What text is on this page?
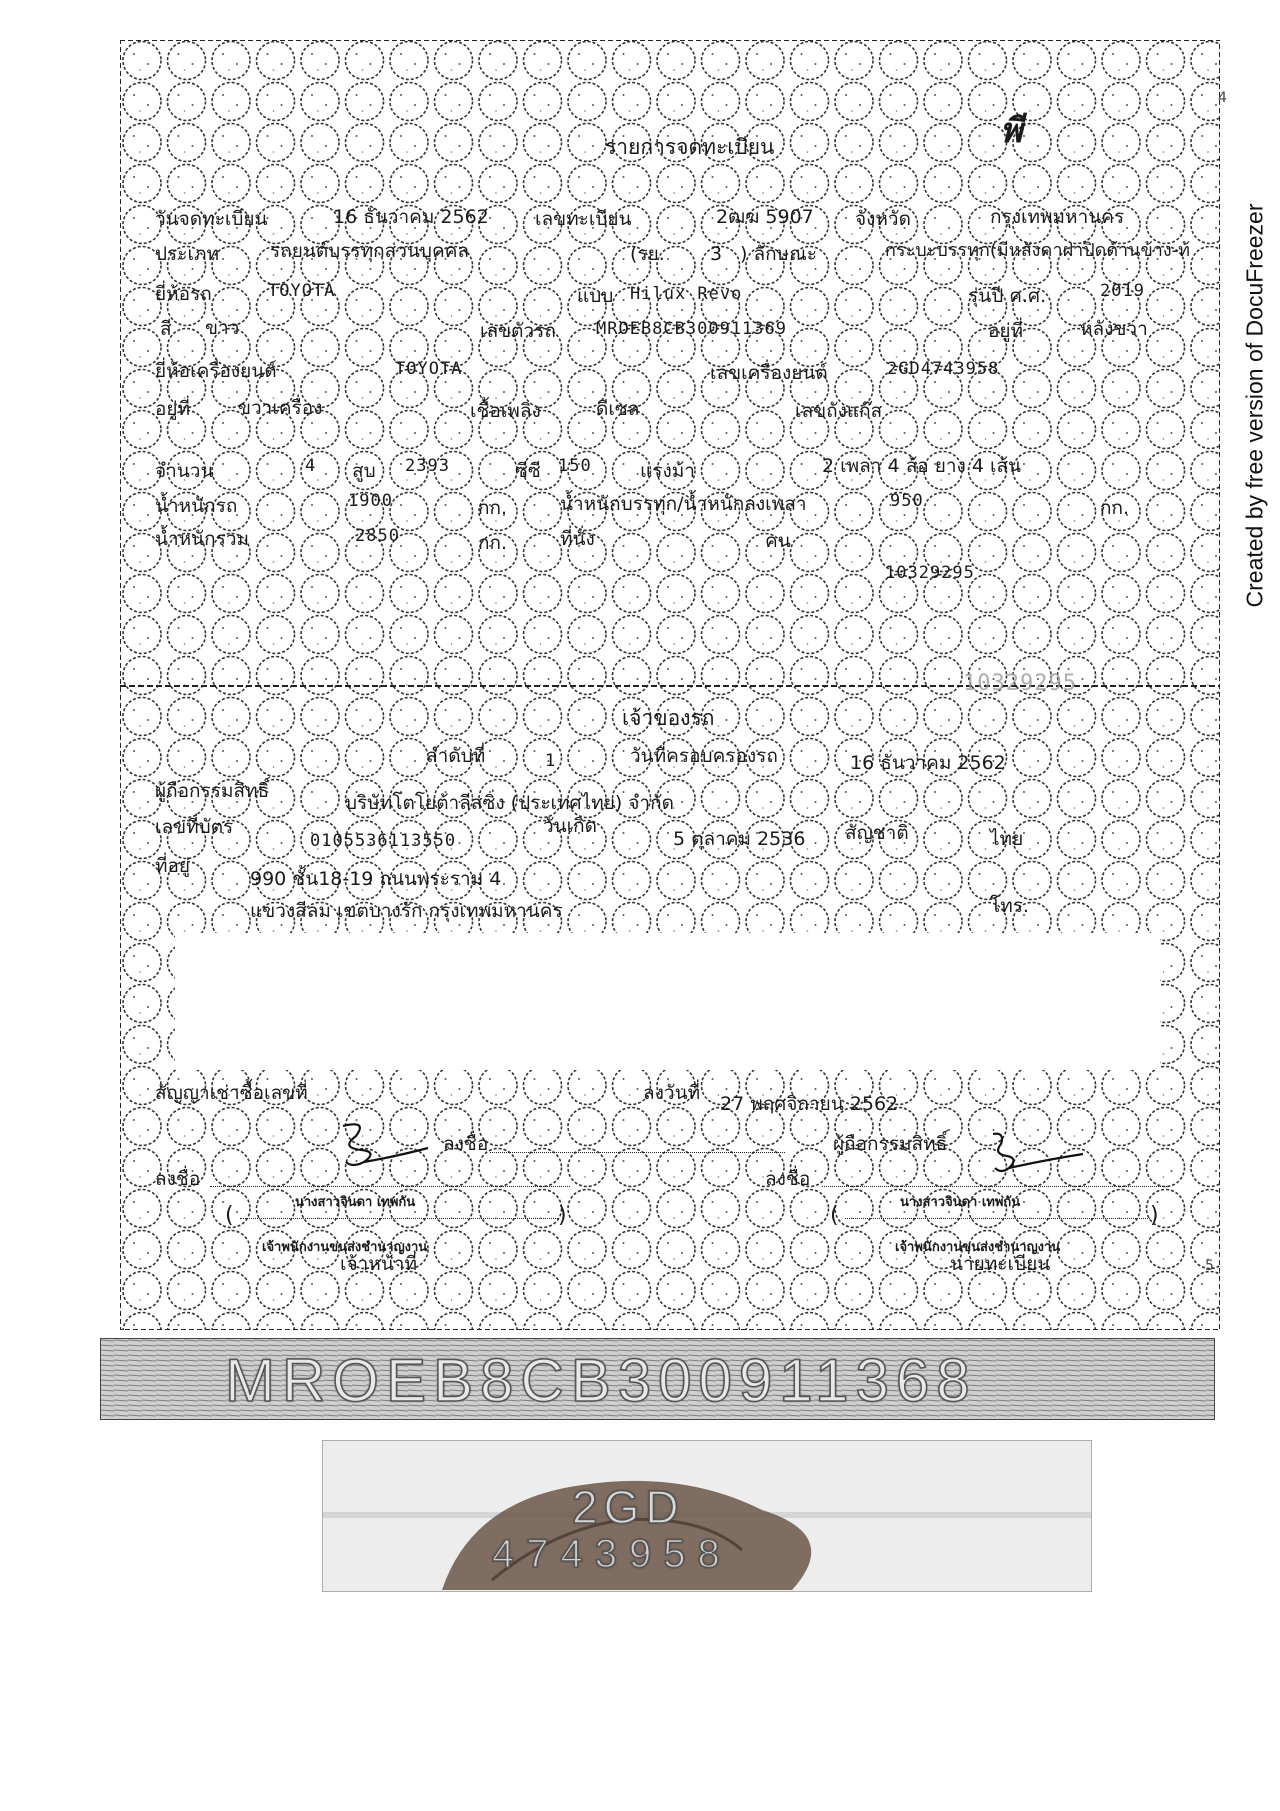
Created by free version of DocuFreezer
4
พี
รายการจดทะเบียน
วันจดทะเบียน	16 ธันวาคม 2562 เลขทะเบียน	2ฒฆ 5907 จังหวัด	กรุงเทพมหานคร
ประเภท	รถยนต์บรรทุกส่วนบุคคล	(รย. 3 ) ลักษณะ	กระบะบรรทุก(มีหลังคาฝาปิดด้านข้าง-ท้
ยี่ห้อรถ	TOYOTA	แบบ Hilux Revo	รุ่นปี ค.ศ.	2019
สี ขาว	เลขตัวรถ MROEB8CB300911369	อยู่ที่	หลังขวา
ยี่ห้อเครื่องยนต์	TOYOTA	เลขเครื่องยนต์	2GD4743958
อยู่ที่	ขวาเครื่อง	เชื้อเพลิง	ดีเซล	เลขถังแก๊ส
จำนวน	4 สูบ 2393	ซีซี 150	แรงม้า	2 เพลา 4 ล้อ ยาง 4 เส้น
น้ำหนักรถ	1900	กก.	น้ำหนักบรรทุก/น้ำหนักลงเพลา	950	กก.
น้ำหนักรวม	2850	กก.	ที่นั่ง	คน
10329295
10329295
เจ้าของรถ
ลำดับที่	1	วันที่ครอบครองรถ	16 ธันวาคม 2562
ผู้ถือกรรมสิทธิ์
บริษัทโตโยต้าลีสซิ่ง (ประเทศไทย) จำกัด
เลขที่บัตร
0105536113550
วันเกิด
5 ตุลาคม 2536 สัญชาติ	ไทย
ที่อยู่
990 ชั้น18-19 ถนนพระราม 4
แขวงสีลม เขตบางรัก กรุงเทพมหานคร	โทร.
สัญญาเช่าซื้อเลขที่	ลงวันที่ 27 พฤศจิกายน 2562
ลงชื่อ	ผู้ถือกรรมสิทธิ์
ลงชื่อ	ลงชื่อ
นางสาวจินดา เทพกัน
(	)
เจ้าพนักงานขนส่งชำนาญงาน
เจ้าหน้าที่
นางสาวจินดา เทพกัน
(	)
เจ้าพนักงานขนส่งชำนาญงาน
นายทะเบียน	5
MROEB8CB300911368
2GD
4743958
